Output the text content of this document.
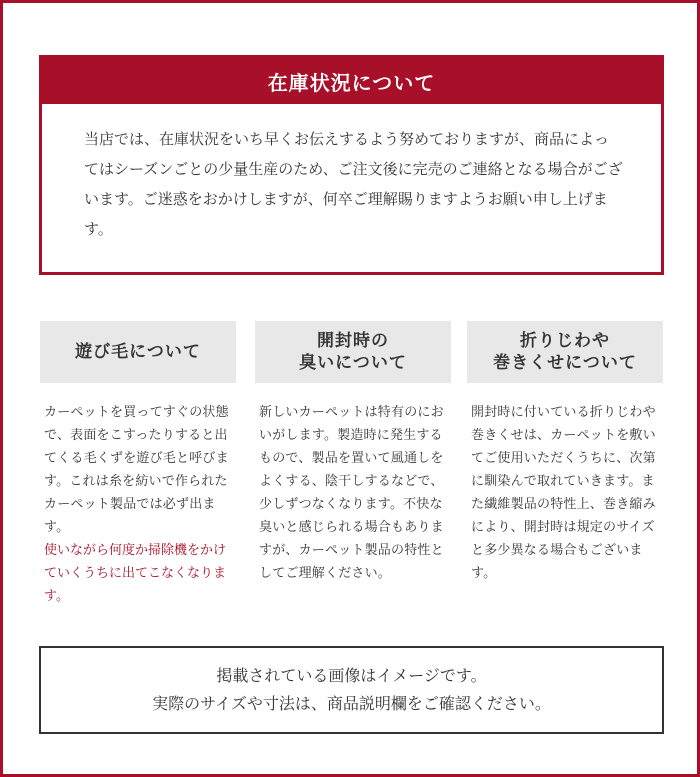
在庫状況について

当店では、在庫状況をいち早くお伝えするよう努めておりますが、商品によってはシーズンごとの少量生産のため、ご注文後に完売のご連絡となる場合がございます。ご迷惑をおかけしますが、何卒ご理解賜りますようお願い申し上げます。

遊び毛について

カーペットを買ってすぐの状態で、表面をこすったりすると出てくる毛くずを遊び毛と呼びます。これは糸を紡いで作られたカーペット製品では必ず出ます。

使いながら何度か掃除機をかけていくうちに出てこなくなります。

開封時の
臭いについて

新しいカーペットは特有のにおいがします。製造時に発生するもので、製品を置いて風通しをよくする、陰干しするなどで、少しずつなくなります。不快な臭いと感じられる場合もありますが、カーペット製品の特性としてご理解ください。

折りじわや
巻きくせについて

開封時に付いている折りじわや巻きくせは、カーペットを敷いてご使用いただくうちに、次第に馴染んで取れていきます。また繊維製品の特性上、巻き縮みにより、開封時は規定のサイズと多少異なる場合もございます。

掲載されている画像はイメージです。
実際のサイズや寸法は、商品説明欄をご確認ください。
